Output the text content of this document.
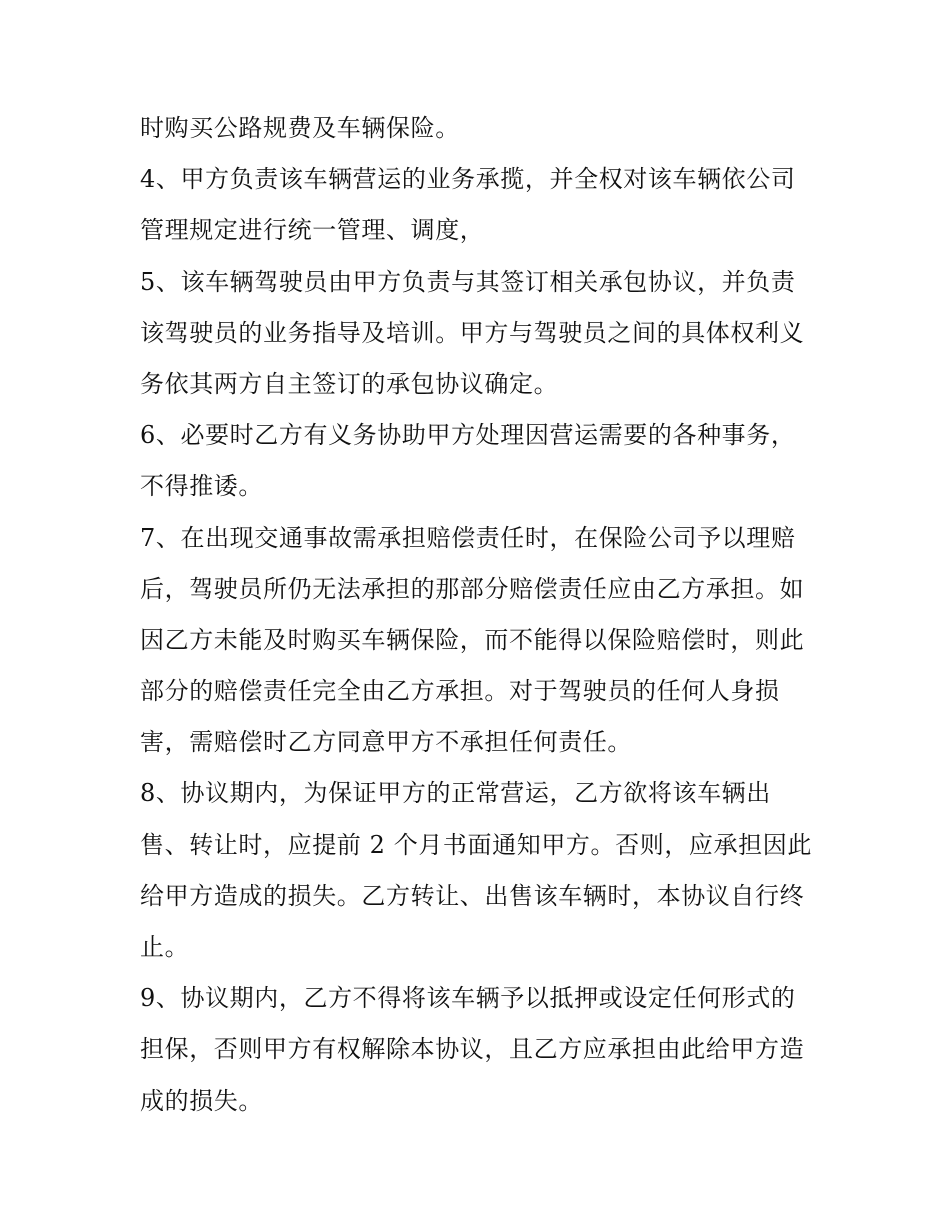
时购买公路规费及车辆保险。
4、甲方负责该车辆营运的业务承揽，并全权对该车辆依公司
管理规定进行统一管理、调度，
5、该车辆驾驶员由甲方负责与其签订相关承包协议，并负责
该驾驶员的业务指导及培训。甲方与驾驶员之间的具体权利义
务依其两方自主签订的承包协议确定。
6、必要时乙方有义务协助甲方处理因营运需要的各种事务，
不得推诿。
7、在出现交通事故需承担赔偿责任时，在保险公司予以理赔
后，驾驶员所仍无法承担的那部分赔偿责任应由乙方承担。如
因乙方未能及时购买车辆保险，而不能得以保险赔偿时，则此
部分的赔偿责任完全由乙方承担。对于驾驶员的任何人身损
害，需赔偿时乙方同意甲方不承担任何责任。
8、协议期内，为保证甲方的正常营运，乙方欲将该车辆出
售、转让时，应提前 2 个月书面通知甲方。否则，应承担因此
给甲方造成的损失。乙方转让、出售该车辆时，本协议自行终
止。
9、协议期内，乙方不得将该车辆予以抵押或设定任何形式的
担保，否则甲方有权解除本协议，且乙方应承担由此给甲方造
成的损失。
